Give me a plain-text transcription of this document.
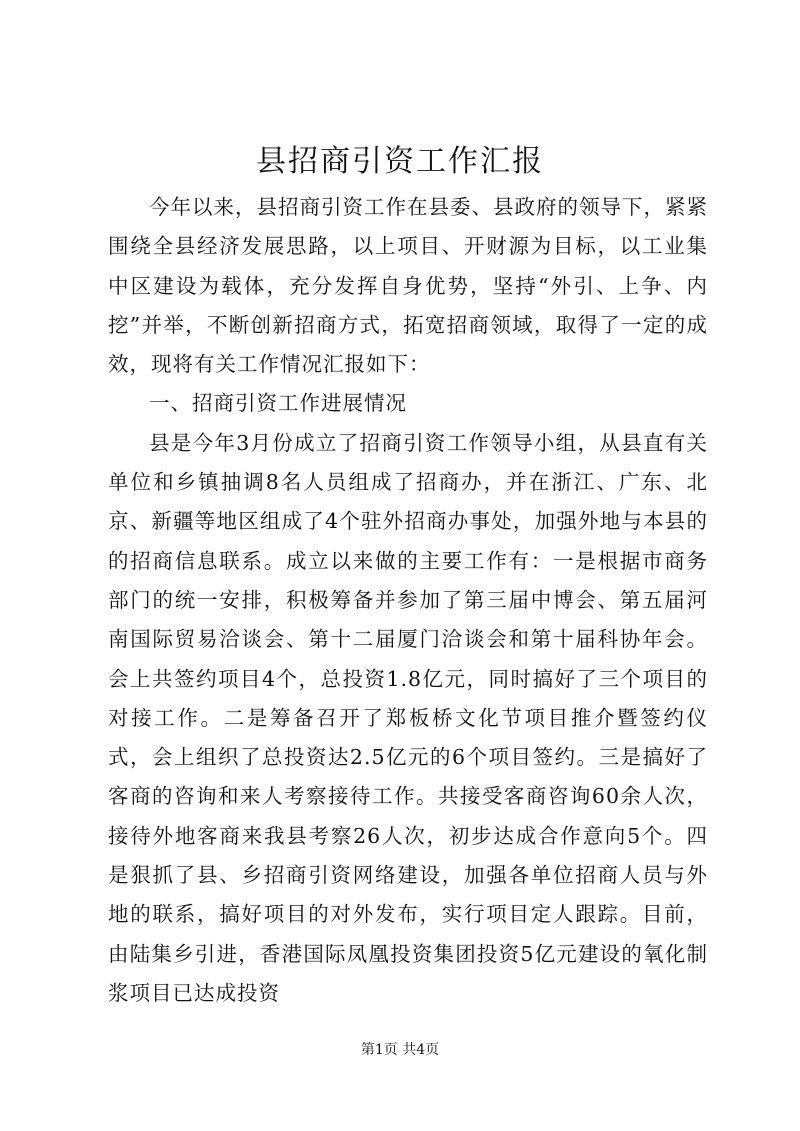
县招商引资工作汇报

今年以来，县招商引资工作在县委、县政府的领导下，紧紧围绕全县经济发展思路，以上项目、开财源为目标，以工业集中区建设为载体，充分发挥自身优势，坚持“外引、上争、内挖”并举，不断创新招商方式，拓宽招商领域，取得了一定的成效，现将有关工作情况汇报如下：

一、招商引资工作进展情况

县是今年3月份成立了招商引资工作领导小组，从县直有关单位和乡镇抽调8名人员组成了招商办，并在浙江、广东、北京、新疆等地区组成了4个驻外招商办事处，加强外地与本县的的招商信息联系。成立以来做的主要工作有：一是根据市商务部门的统一安排，积极筹备并参加了第三届中博会、第五届河南国际贸易洽谈会、第十二届厦门洽谈会和第十届科协年会。会上共签约项目4个，总投资1.8亿元，同时搞好了三个项目的对接工作。二是筹备召开了郑板桥文化节项目推介暨签约仪式，会上组织了总投资达2.5亿元的6个项目签约。三是搞好了客商的咨询和来人考察接待工作。共接受客商咨询60余人次，接待外地客商来我县考察26人次，初步达成合作意向5个。四是狠抓了县、乡招商引资网络建设，加强各单位招商人员与外地的联系，搞好项目的对外发布，实行项目定人跟踪。目前，由陆集乡引进，香港国际凤凰投资集团投资5亿元建设的氧化制浆项目已达成投资

第1页 共4页
